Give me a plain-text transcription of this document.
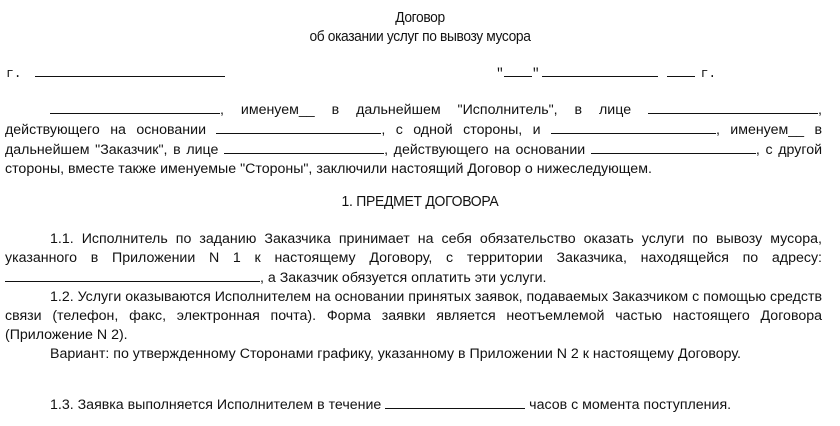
Договор
об оказании услуг по вывозу мусора
г.	" "	г.

, именуем__ в дальнейшем "Исполнитель", в лице	, действующего на основании	, с одной стороны, и	, именуем__ в дальнейшем "Заказчик", в лице	, действующего на основании	, с другой стороны, вместе также именуемые "Стороны", заключили настоящий Договор о нижеследующем.

1. ПРЕДМЕТ ДОГОВОРА

1.1. Исполнитель по заданию Заказчика принимает на себя обязательство оказать услуги по вывозу мусора, указанного в Приложении N 1 к настоящему Договору, с территории Заказчика, находящейся по адресу: , а Заказчик обязуется оплатить эти услуги.

1.2. Услуги оказываются Исполнителем на основании принятых заявок, подаваемых Заказчиком с помощью средств связи (телефон, факс, электронная почта). Форма заявки является неотъемлемой частью настоящего Договора (Приложение N 2).

Вариант: по утвержденному Сторонами графику, указанному в Приложении N 2 к настоящему Договору.

1.3. Заявка выполняется Исполнителем в течение	часов с момента поступления.
